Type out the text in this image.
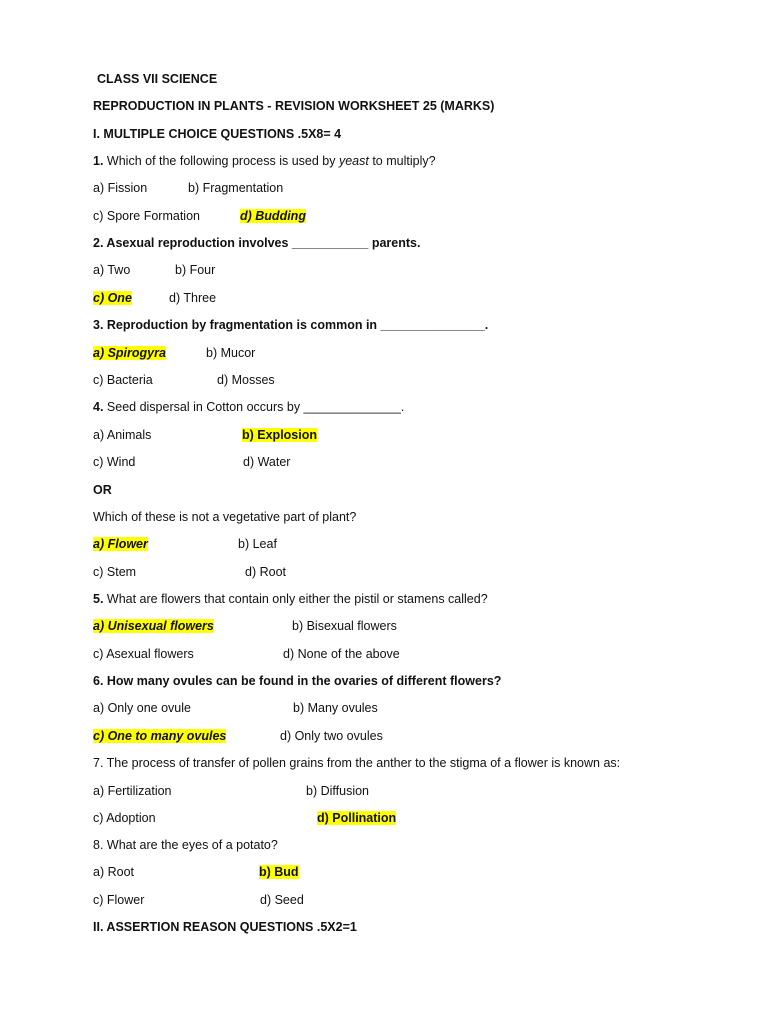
CLASS VII SCIENCE
REPRODUCTION IN PLANTS - REVISION WORKSHEET 25 (MARKS)
I. MULTIPLE CHOICE QUESTIONS .5X8= 4
1. Which of the following process is used by yeast to multiply?
a) Fission	b) Fragmentation
c) Spore Formation	d) Budding
2. Asexual reproduction involves ___________ parents.
a) Two	b) Four
c) One	d) Three
3. Reproduction by fragmentation is common in _______________.
a) Spirogyra	b) Mucor
c) Bacteria	d) Mosses
4. Seed dispersal in Cotton occurs by ______________.
a) Animals	b) Explosion
c) Wind	d) Water
OR
Which of these is not a vegetative part of plant?
a) Flower	b) Leaf
c) Stem	d) Root
5. What are flowers that contain only either the pistil or stamens called?
a) Unisexual flowers	b) Bisexual flowers
c) Asexual flowers	d) None of the above
6. How many ovules can be found in the ovaries of different flowers?
a) Only one ovule	b) Many ovules
c) One to many ovules	d) Only two ovules
7. The process of transfer of pollen grains from the anther to the stigma of a flower is known as:
a) Fertilization	b) Diffusion
c) Adoption	d) Pollination
8. What are the eyes of a potato?
a) Root	b) Bud
c) Flower	d) Seed
II. ASSERTION REASON QUESTIONS .5X2=1
